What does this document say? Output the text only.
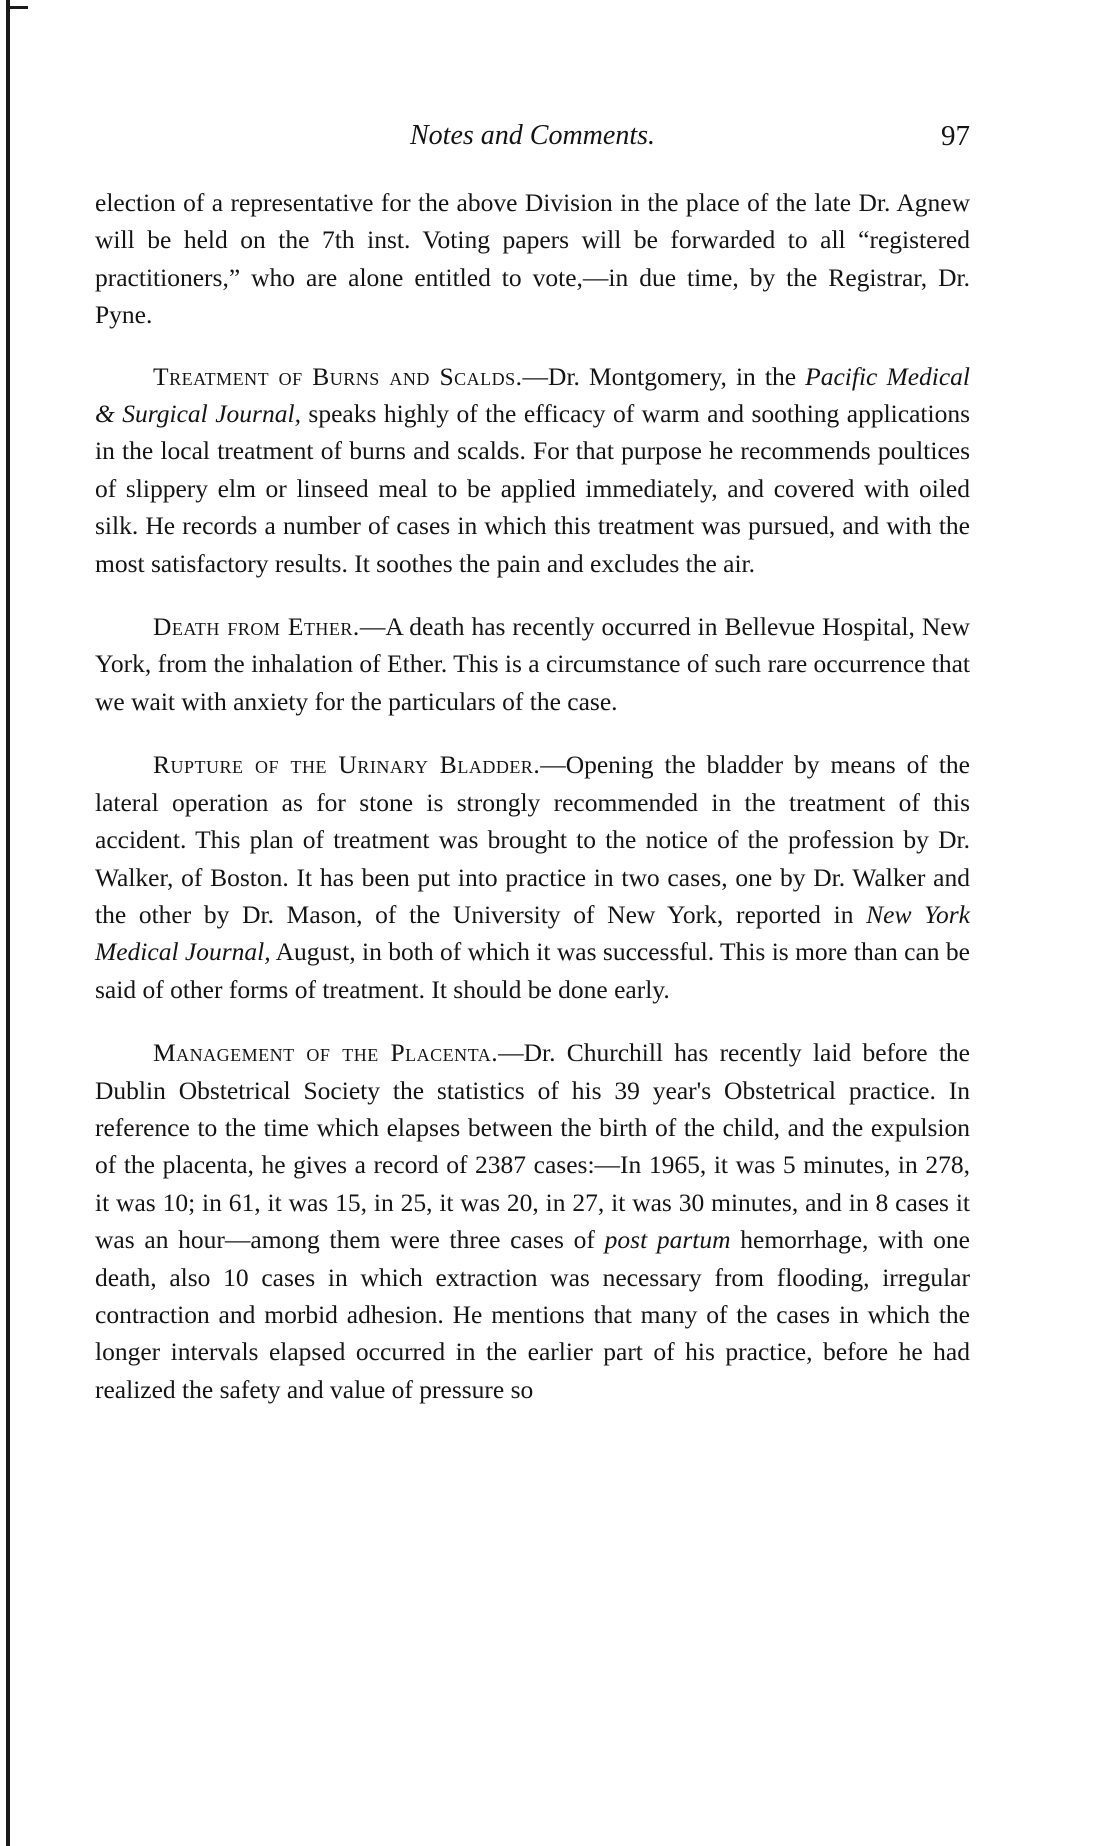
Notes and Comments.	97

election of a representative for the above Division in the place of the late Dr. Agnew will be held on the 7th inst. Voting papers will be forwarded to all “registered practitioners,” who are alone entitled to vote,—in due time, by the Registrar, Dr. Pyne.

Treatment of Burns and Scalds.—Dr. Montgomery, in the Pacific Medical & Surgical Journal, speaks highly of the efficacy of warm and soothing applications in the local treatment of burns and scalds. For that purpose he recommends poultices of slippery elm or linseed meal to be applied immediately, and covered with oiled silk. He records a number of cases in which this treatment was pursued, and with the most satisfactory results. It soothes the pain and excludes the air.

Death from Ether.—A death has recently occurred in Bellevue Hospital, New York, from the inhalation of Ether. This is a circumstance of such rare occurrence that we wait with anxiety for the particulars of the case.

Rupture of the Urinary Bladder.—Opening the bladder by means of the lateral operation as for stone is strongly recommended in the treatment of this accident. This plan of treatment was brought to the notice of the profession by Dr. Walker, of Boston. It has been put into practice in two cases, one by Dr. Walker and the other by Dr. Mason, of the University of New York, reported in New York Medical Journal, August, in both of which it was successful. This is more than can be said of other forms of treatment. It should be done early.

Management of the Placenta.—Dr. Churchill has recently laid before the Dublin Obstetrical Society the statistics of his 39 year's Obstetrical practice. In reference to the time which elapses between the birth of the child, and the expulsion of the placenta, he gives a record of 2387 cases:—In 1965, it was 5 minutes, in 278, it was 10; in 61, it was 15, in 25, it was 20, in 27, it was 30 minutes, and in 8 cases it was an hour—among them were three cases of post partum hemorrhage, with one death, also 10 cases in which extraction was necessary from flooding, irregular contraction and morbid adhesion. He mentions that many of the cases in which the longer intervals elapsed occurred in the earlier part of his practice, before he had realized the safety and value of pressure so
